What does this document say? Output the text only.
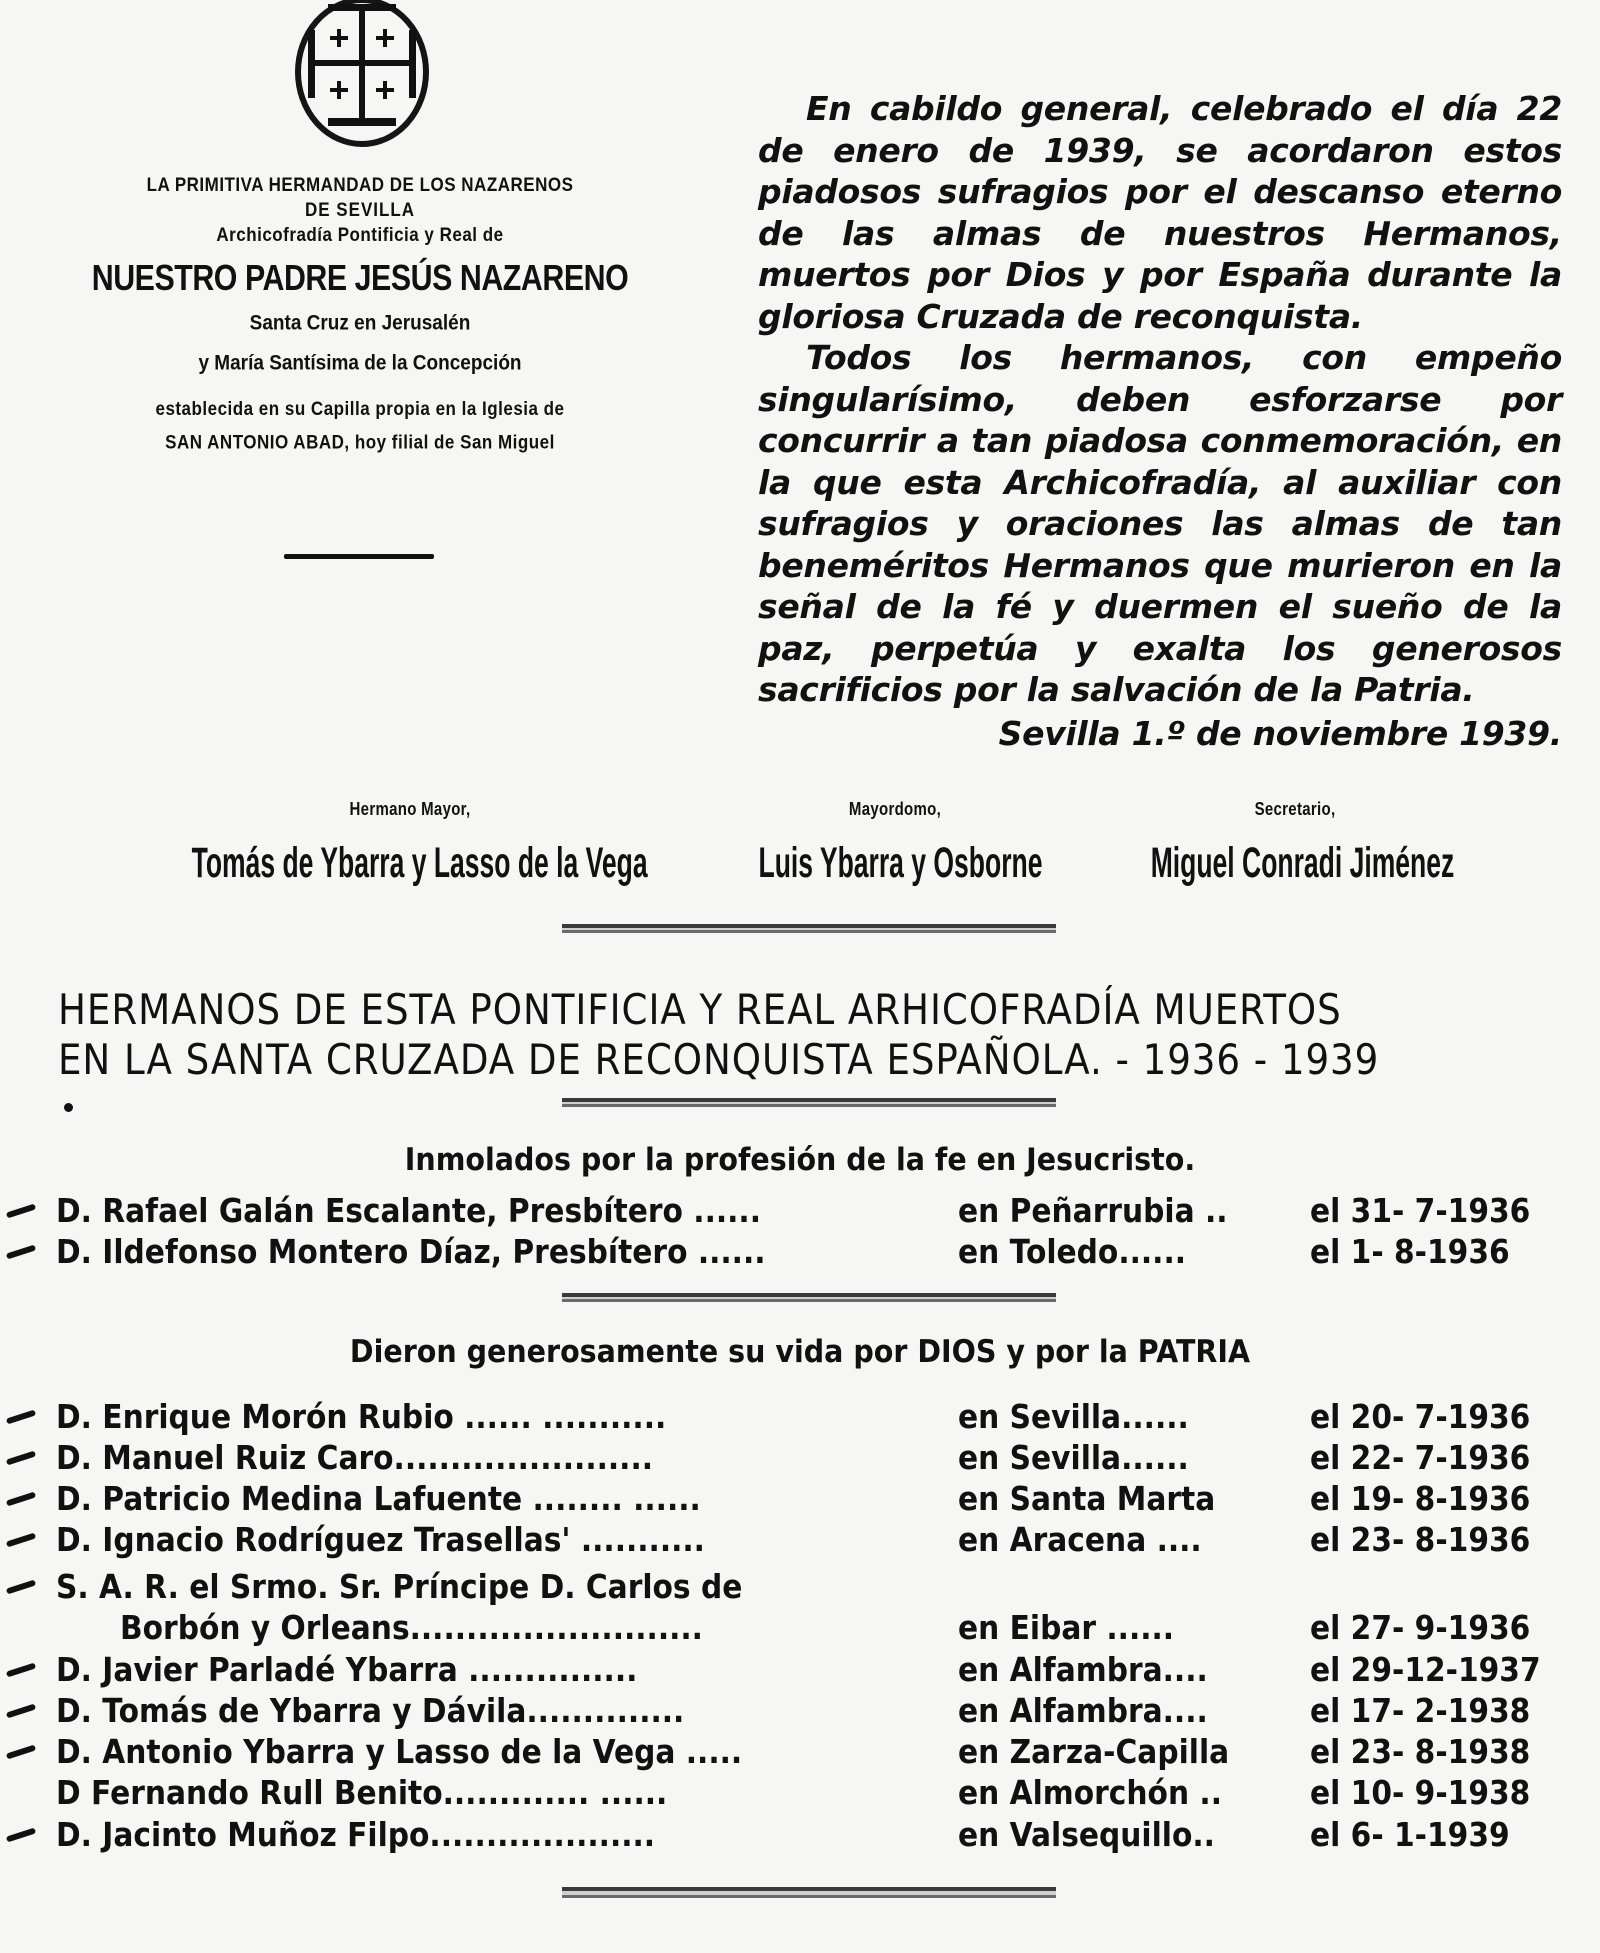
LA PRIMITIVA HERMANDAD DE LOS NAZARENOS
DE SEVILLA
Archicofradía Pontificia y Real de
NUESTRO PADRE JESÚS NAZARENO
Santa Cruz en Jerusalén
y María Santísima de la Concepción
establecida en su Capilla propia en la Iglesia de
SAN ANTONIO ABAD, hoy filial de San Miguel

En cabildo general, celebrado el día 22 de enero de 1939, se acordaron estos piadosos sufragios por el descanso eterno de las almas de nuestros Hermanos, muertos por Dios y por España durante la gloriosa Cruzada de reconquista.

Todos los hermanos, con empeño singularísimo, deben esforzarse por concurrir a tan piadosa conmemoración, en la que esta Archicofradía, al auxiliar con sufragios y oraciones las almas de tan beneméritos Hermanos que murieron en la señal de la fé y duermen el sueño de la paz, perpetúa y exalta los generosos sacrificios por la salvación de la Patria.

Sevilla 1.º de noviembre 1939.
Hermano Mayor,
Tomás de Ybarra y Lasso de la Vega
Mayordomo,
Luis Ybarra y Osborne
Secretario,
Miguel Conradi Jiménez
HERMANOS DE ESTA PONTIFICIA Y REAL ARHICOFRADÍA MUERTOS
EN LA SANTA CRUZADA DE RECONQUISTA ESPAÑOLA. - 1936 - 1939
Inmolados por la profesión de la fe en Jesucristo.
D. Rafael Galán Escalante, Presbítero ......	en Peñarrubia .. el 31- 7-1936
D. Ildefonso Montero Díaz, Presbítero ......	en Toledo......	el 1- 8-1936
Dieron generosamente su vida por DIOS y por la PATRIA
D. Enrique Morón Rubio ...... ...........	en Sevilla......	el 20- 7-1936
D. Manuel Ruiz Caro.......................	en Sevilla......	el 22- 7-1936
D. Patricio Medina Lafuente ........ ......	en Santa Marta	el 19- 8-1936
D. Ignacio Rodríguez Trasellas' ...........	en Aracena ....	el 23- 8-1936
S. A. R. el Srmo. Sr. Príncipe D. Carlos de
Borbón y Orleans..........................	en Eibar ......	el 27- 9-1936
D. Javier Parladé Ybarra ...............	en Alfambra....	el 29-12-1937
D. Tomás de Ybarra y Dávila..............	en Alfambra....	el 17- 2-1938
D. Antonio Ybarra y Lasso de la Vega .....	en Zarza-Capilla el 23- 8-1938
D Fernando Rull Benito............. ......	en Almorchón ..	el 10- 9-1938
D. Jacinto Muñoz Filpo....................	en Valsequillo..	el 6- 1-1939
